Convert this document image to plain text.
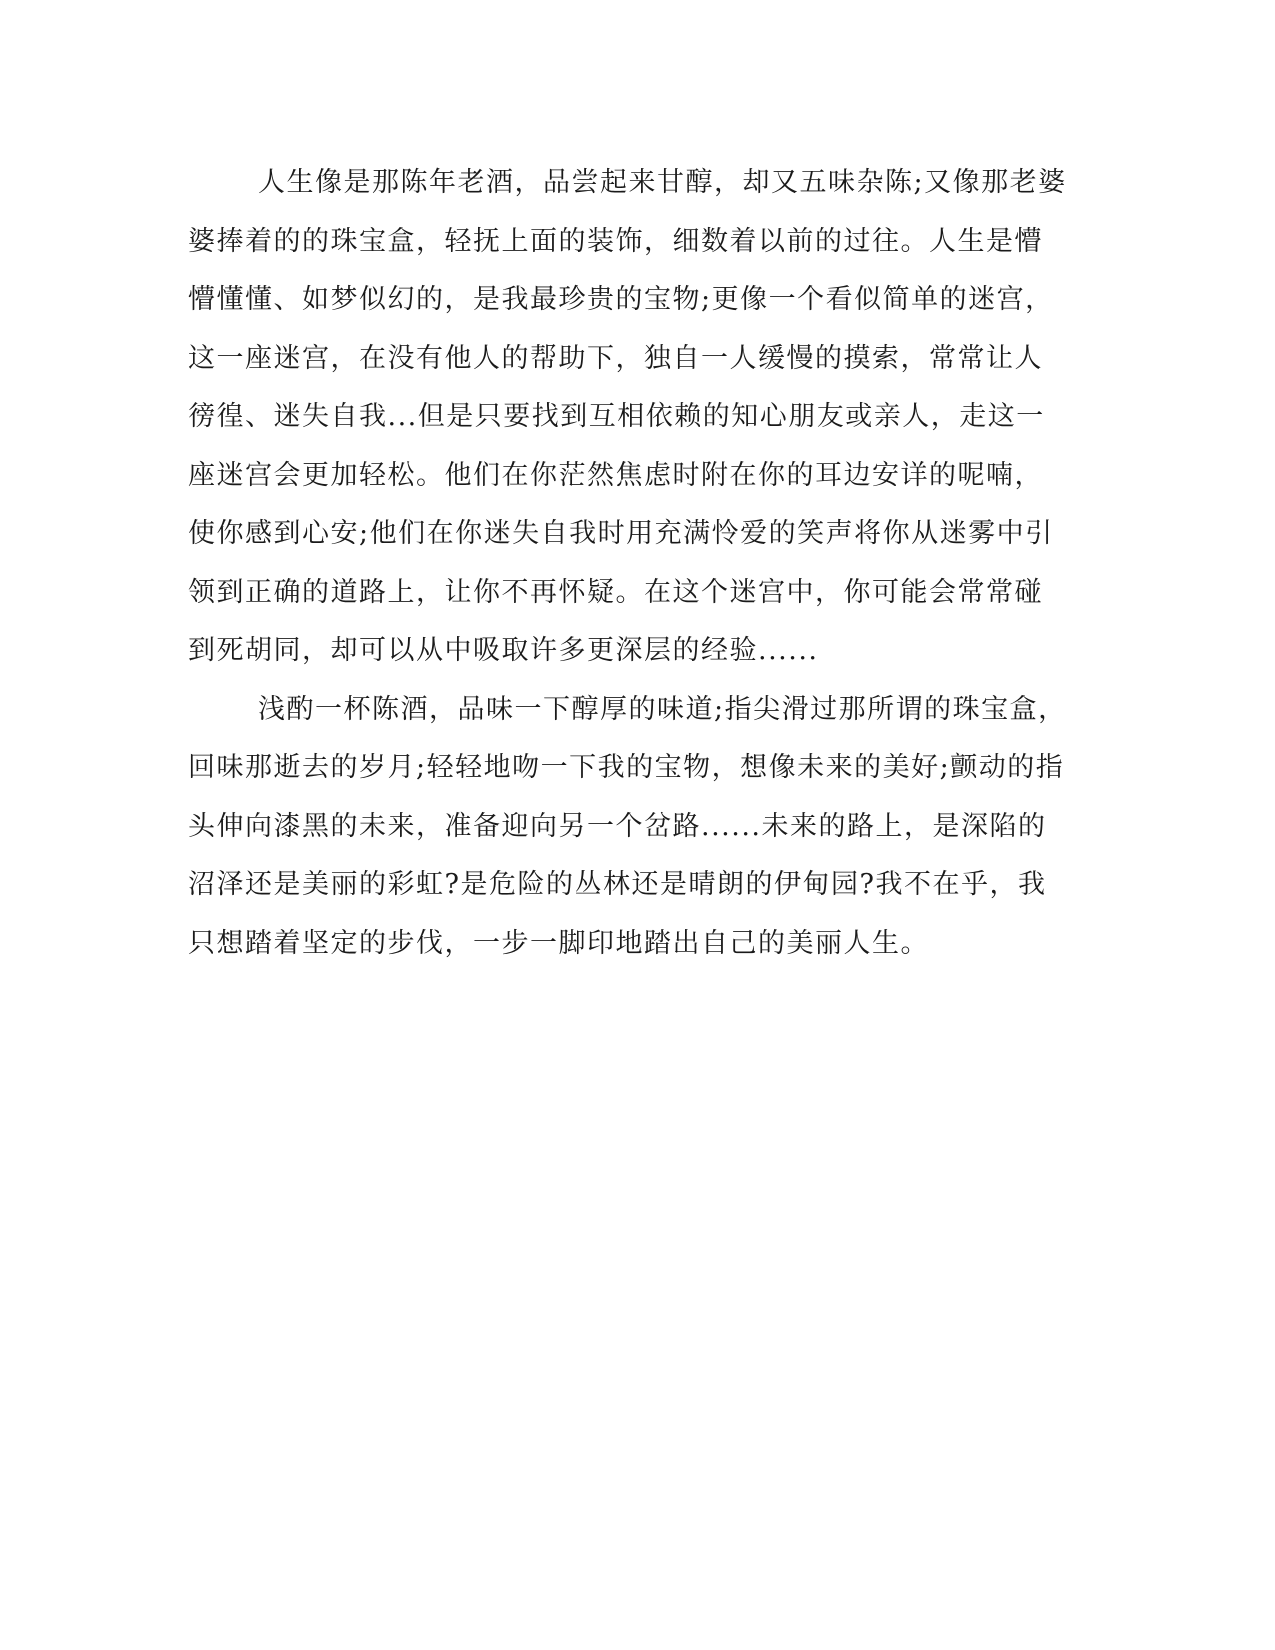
人生像是那陈年老酒，品尝起来甘醇，却又五味杂陈;又像那老婆
婆捧着的的珠宝盒，轻抚上面的装饰，细数着以前的过往。人生是懵
懵懂懂、如梦似幻的，是我最珍贵的宝物;更像一个看似简单的迷宫，
这一座迷宫，在没有他人的帮助下，独自一人缓慢的摸索，常常让人
徬徨、迷失自我...但是只要找到互相依赖的知心朋友或亲人，走这一
座迷宫会更加轻松。他们在你茫然焦虑时附在你的耳边安详的呢喃，
使你感到心安;他们在你迷失自我时用充满怜爱的笑声将你从迷雾中引
领到正确的道路上，让你不再怀疑。在这个迷宫中，你可能会常常碰
到死胡同，却可以从中吸取许多更深层的经验......
浅酌一杯陈酒，品味一下醇厚的味道;指尖滑过那所谓的珠宝盒，
回味那逝去的岁月;轻轻地吻一下我的宝物，想像未来的美好;颤动的指
头伸向漆黑的未来，准备迎向另一个岔路......未来的路上，是深陷的
沼泽还是美丽的彩虹?是危险的丛林还是晴朗的伊甸园?我不在乎，我
只想踏着坚定的步伐，一步一脚印地踏出自己的美丽人生。
